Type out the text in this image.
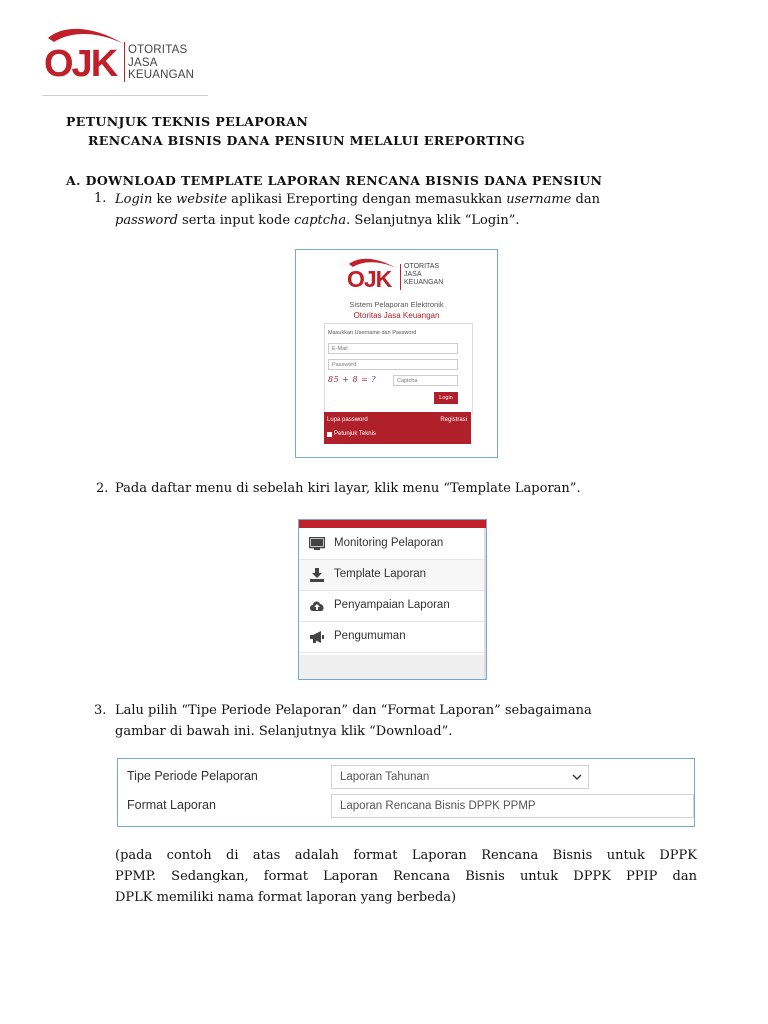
OJK OTORITAS
JASA
KEUANGAN
PETUNJUK TEKNIS PELAPORAN
RENCANA BISNIS DANA PENSIUN MELALUI EREPORTING
A. DOWNLOAD TEMPLATE LAPORAN RENCANA BISNIS DANA PENSIUN
1. Login ke website aplikasi Ereporting dengan memasukkan username dan
password serta input kode captcha. Selanjutnya klik “Login”.
OJK OTORITAS
JASA
KEUANGAN
Sistem Pelaporan Elektronik
Otoritas Jasa Keuangan
Masukkan Username dan Password
E-Mail
Password
85 + 8 = ?	Captcha
Login
Lupa password	Registrasi
Petunjuk Teknis
2. Pada daftar menu di sebelah kiri layar, klik menu “Template Laporan”.
Monitoring Pelaporan
Template Laporan
Penyampaian Laporan
Pengumuman
3. Lalu pilih “Tipe Periode Pelaporan” dan “Format Laporan” sebagaimana
gambar di bawah ini. Selanjutnya klik “Download”.
Tipe Periode Pelaporan	Laporan Tahunan
Format Laporan	Laporan Rencana Bisnis DPPK PPMP
(pada contoh di atas adalah format Laporan Rencana Bisnis untuk DPPK
PPMP. Sedangkan, format Laporan Rencana Bisnis untuk DPPK PPIP dan
DPLK memiliki nama format laporan yang berbeda)
